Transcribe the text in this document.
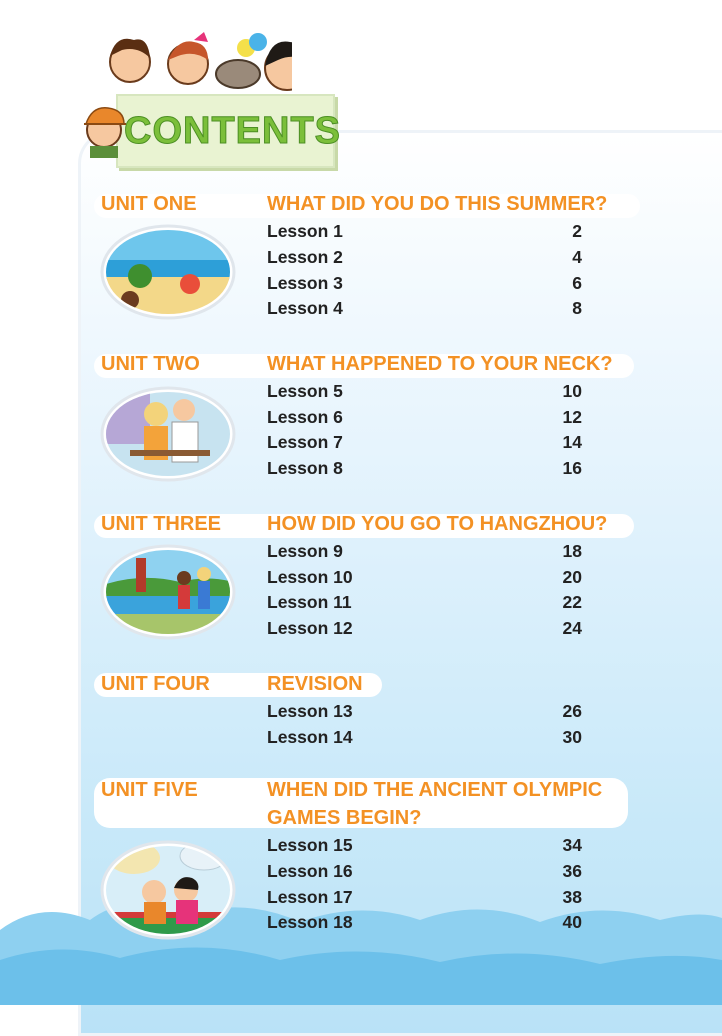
CONTENTS
UNIT ONE	WHAT DID YOU DO THIS SUMMER?
Lesson 1	2
Lesson 2	4
Lesson 3	6
Lesson 4	8
UNIT TWO	WHAT HAPPENED TO YOUR NECK?
Lesson 5	10
Lesson 6	12
Lesson 7	14
Lesson 8	16
UNIT THREE HOW DID YOU GO TO HANGZHOU?
Lesson 9	18
Lesson 10	20
Lesson 11	22
Lesson 12	24
UNIT FOUR	REVISION
Lesson 13	26
Lesson 14	30
UNIT FIVE	WHEN DID THE ANCIENT OLYMPIC
GAMES BEGIN?
Lesson 15	34
Lesson 16	36
Lesson 17	38
Lesson 18	40
